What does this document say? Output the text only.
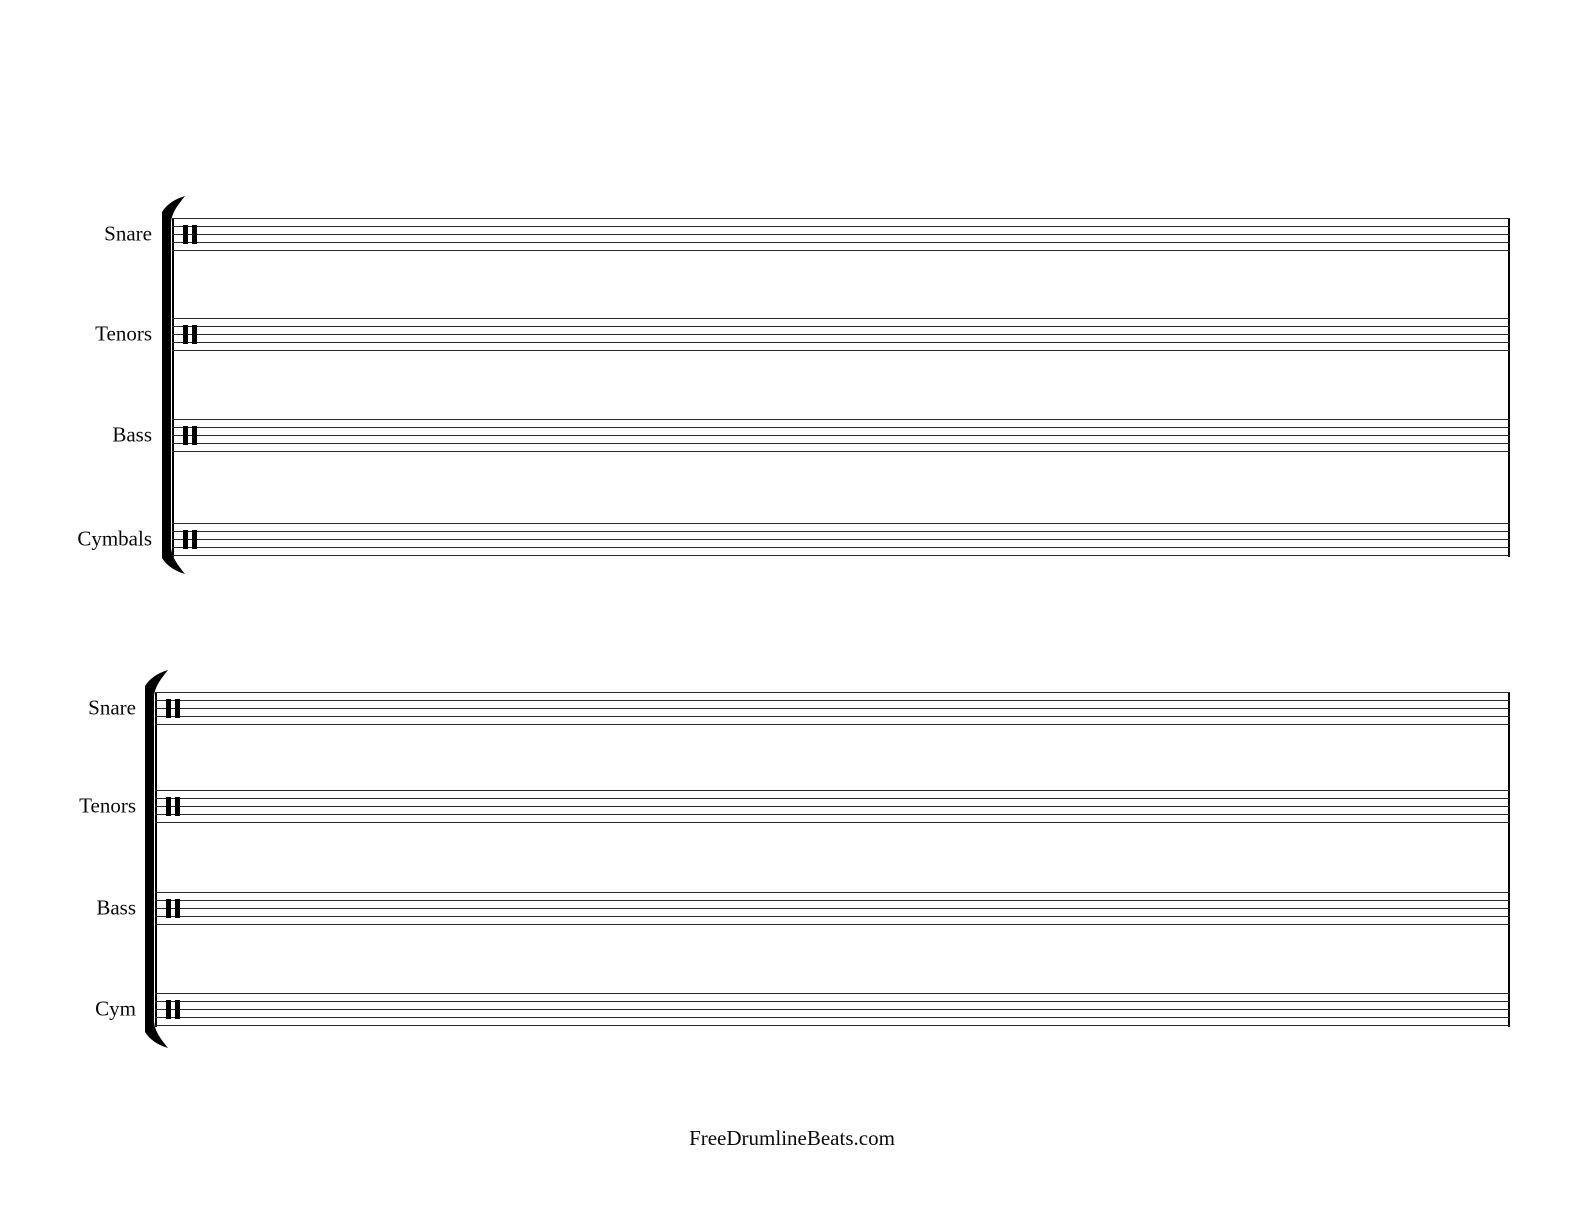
Snare
Tenors
Bass
Cymbals
Snare
Tenors
Bass
Cym
FreeDrumlineBeats.com
